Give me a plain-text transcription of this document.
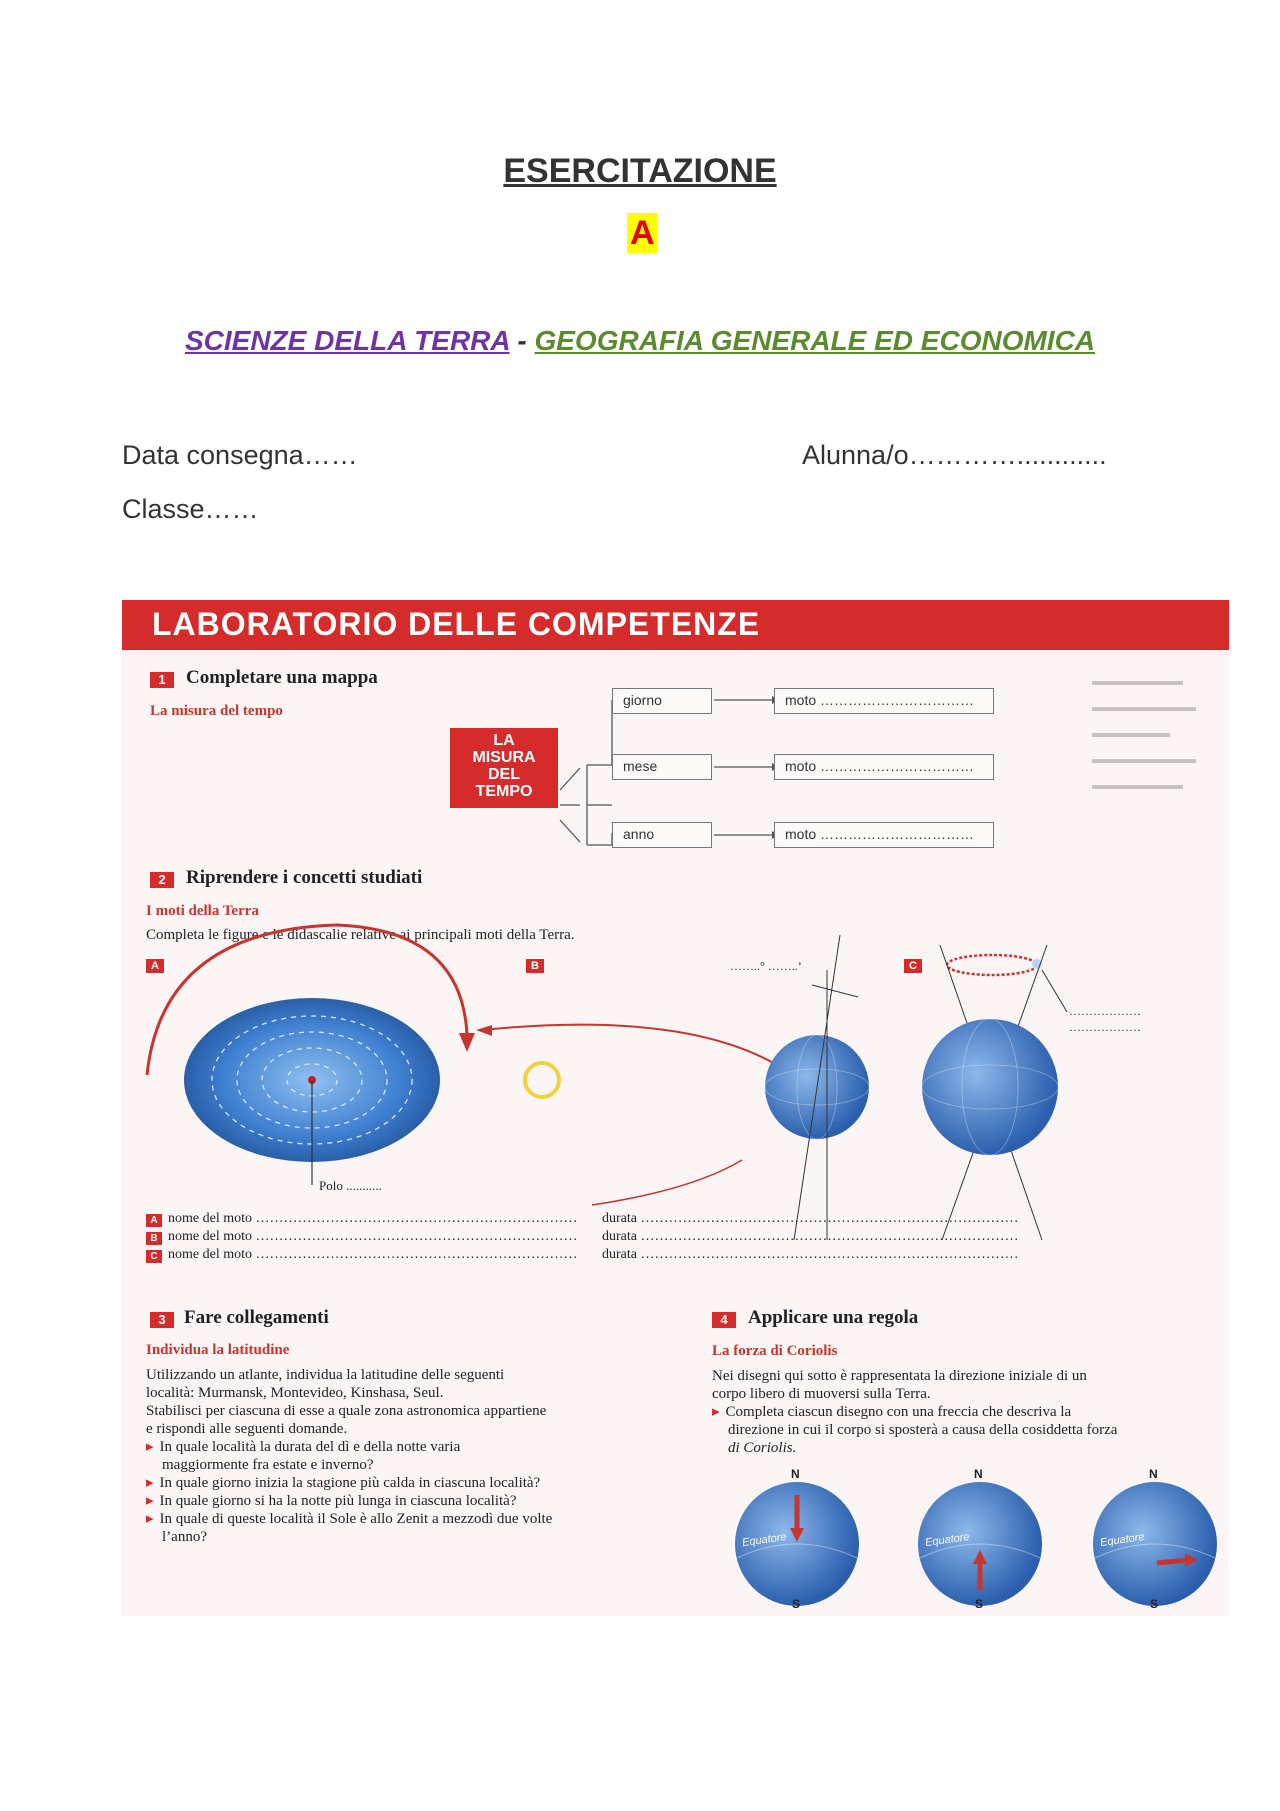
ESERCITAZIONE
A
SCIENZE DELLA TERRA - GEOGRAFIA GENERALE ED ECONOMICA
Data consegna……	Alunna/o…………............
Classe……
LABORATORIO DELLE COMPETENZE
▬▬▬▬▬▬▬
▬▬▬▬▬▬▬▬
▬▬▬▬▬▬
▬▬▬▬▬▬▬▬
▬▬▬▬▬▬▬
1	Completare una mappa
La misura del tempo
LA
MISURA
DEL
TEMPO
giorno
mese
anno
moto ……………………………
moto ……………………………
moto ……………………………
2	Riprendere i concetti studiati
I moti della Terra
Completa le figure e le didascalie relative ai principali moti della Terra.
A	B	C
Polo ...........
……..° ……..’
………………
………………
A nome del moto …………………………………………………………… durata ………………………………………………………………………
B nome del moto …………………………………………………………… durata ………………………………………………………………………
C nome del moto …………………………………………………………… durata ………………………………………………………………………
3 Fare collegamenti
Individua la latitudine
Utilizzando un atlante, individua la latitudine delle seguenti
località: Murmansk, Montevideo, Kinshasa, Seul.
Stabilisci per ciascuna di esse a quale zona astronomica appartiene
e rispondi alle seguenti domande.
▸ In quale località la durata del dì e della notte varia
maggiormente fra estate e inverno?
▸ In quale giorno inizia la stagione più calda in ciascuna località?
▸ In quale giorno si ha la notte più lunga in ciascuna località?
▸ In quale di queste località il Sole è allo Zenit a mezzodì due volte
l’anno?
4	Applicare una regola
La forza di Coriolis
Nei disegni qui sotto è rappresentata la direzione iniziale di un
corpo libero di muoversi sulla Terra.
▸ Completa ciascun disegno con una freccia che descriva la
direzione in cui il corpo si sposterà a causa della cosiddetta forza
di Coriolis.
N	N	N
S	S	S
Equatore	Equatore	Equatore
